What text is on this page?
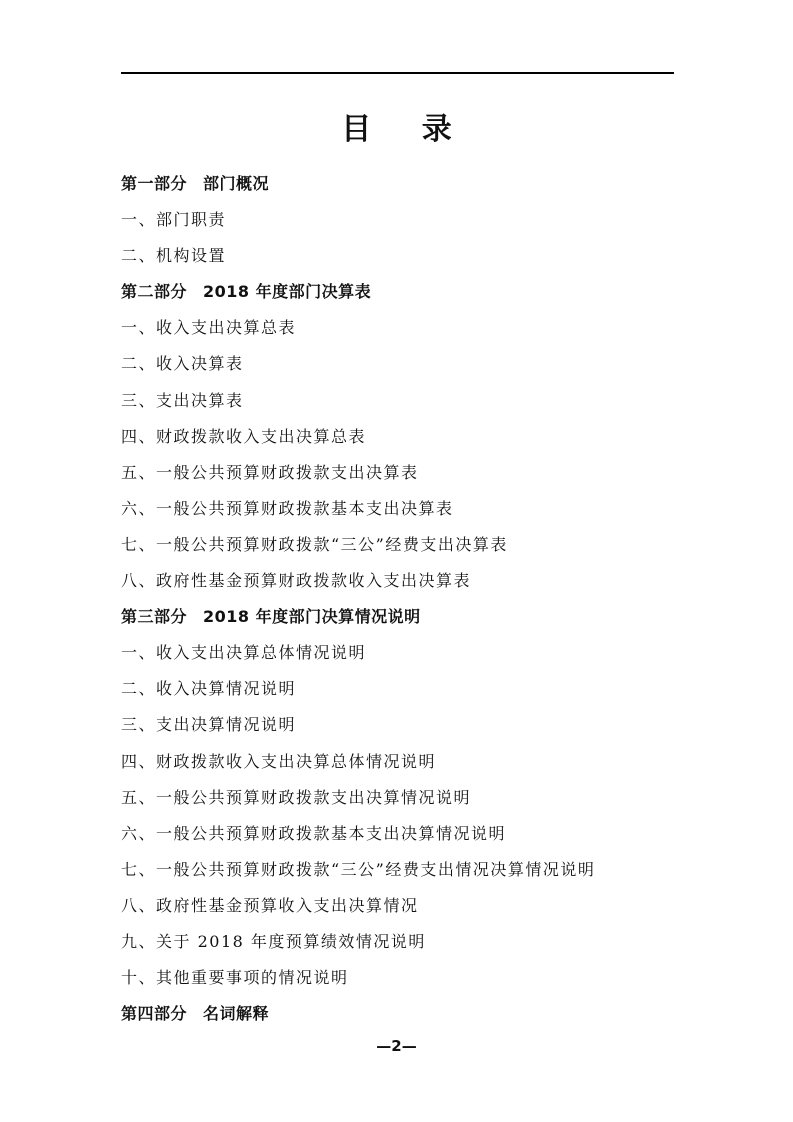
目 录
第一部分 部门概况
一、部门职责
二、机构设置
第二部分 2018 年度部门决算表
一、收入支出决算总表
二、收入决算表
三、支出决算表
四、财政拨款收入支出决算总表
五、一般公共预算财政拨款支出决算表
六、一般公共预算财政拨款基本支出决算表
七、一般公共预算财政拨款“三公”经费支出决算表
八、政府性基金预算财政拨款收入支出决算表
第三部分 2018 年度部门决算情况说明
一、收入支出决算总体情况说明
二、收入决算情况说明
三、支出决算情况说明
四、财政拨款收入支出决算总体情况说明
五、一般公共预算财政拨款支出决算情况说明
六、一般公共预算财政拨款基本支出决算情况说明
七、一般公共预算财政拨款“三公”经费支出情况决算情况说明
八、政府性基金预算收入支出决算情况
九、关于 2018 年度预算绩效情况说明
十、其他重要事项的情况说明
第四部分 名词解释
—2—
